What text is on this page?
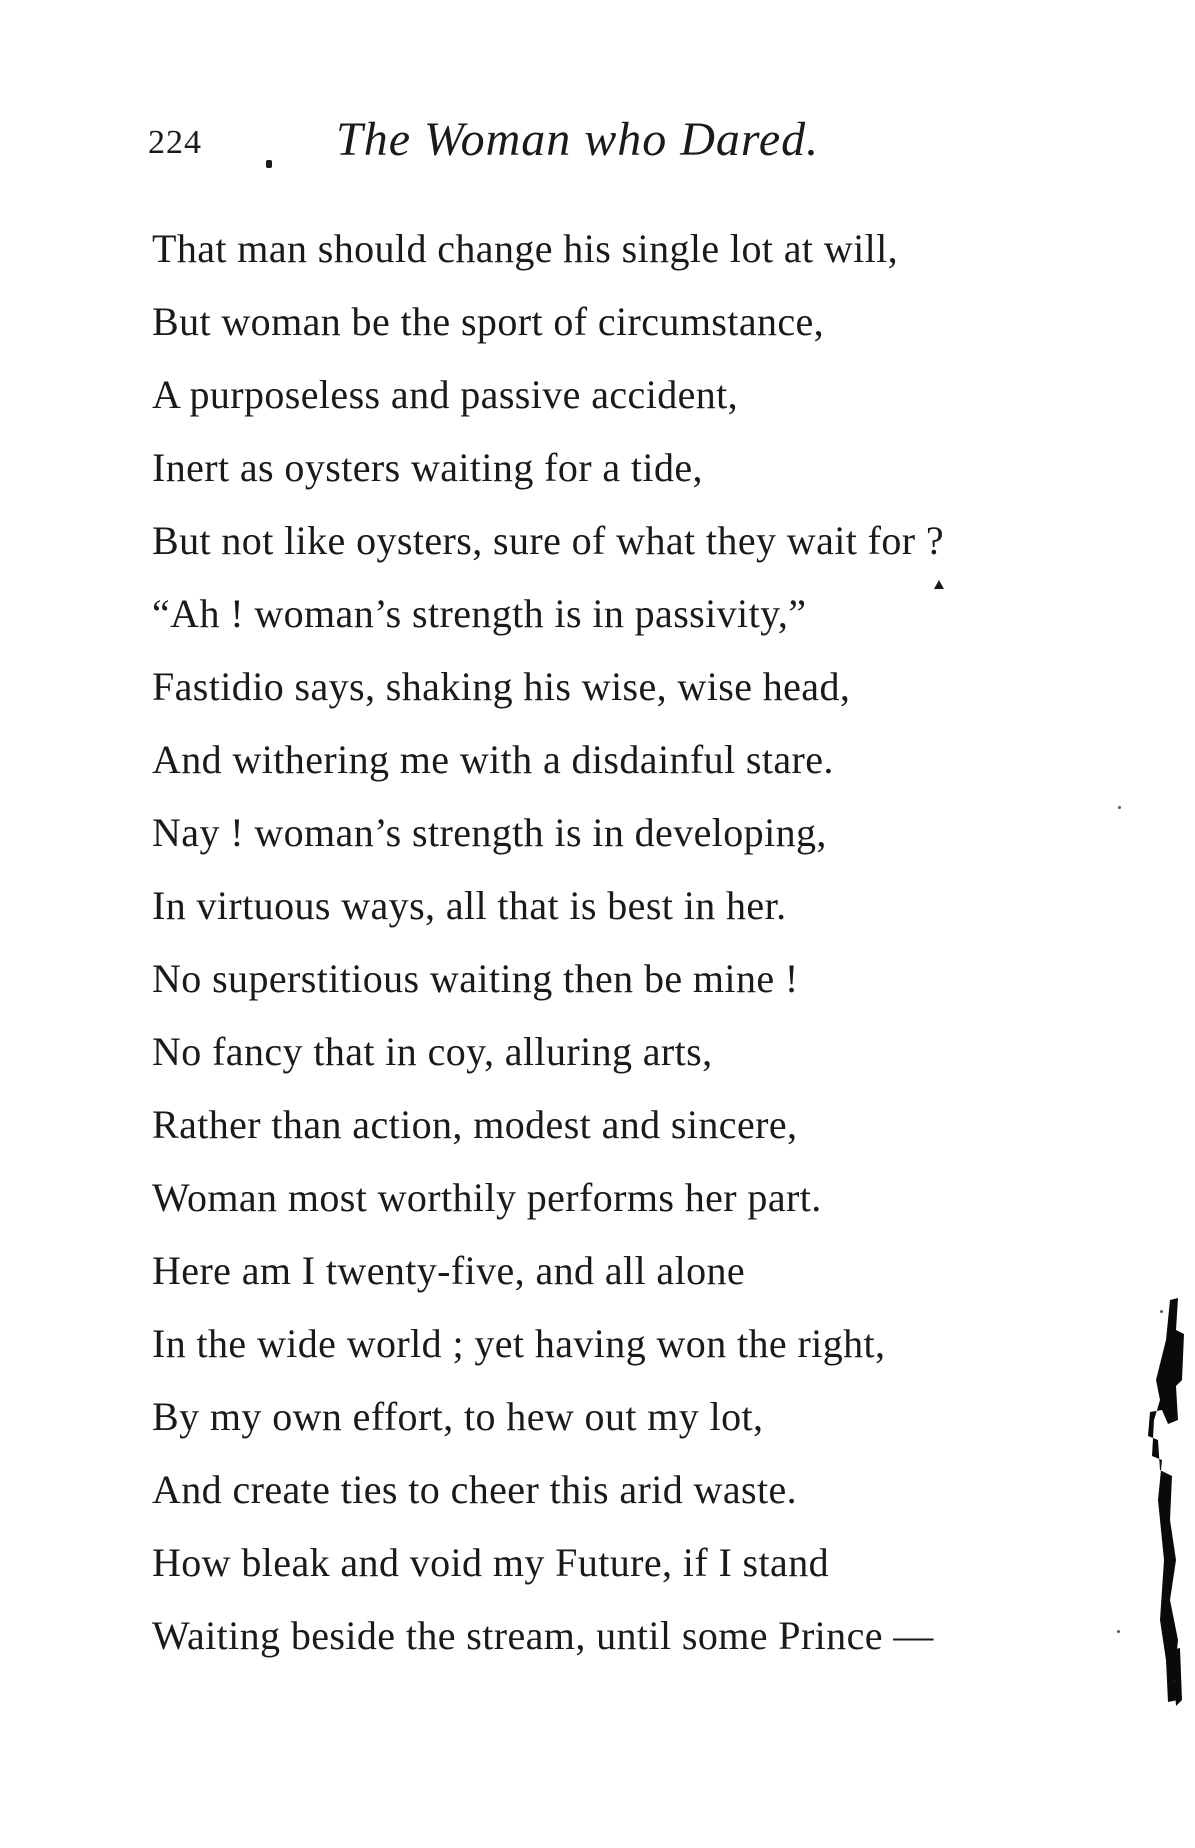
224	The Woman who Dared.
That man should change his single lot at will,
But woman be the sport of circumstance,
A purposeless and passive accident,
Inert as oysters waiting for a tide,
But not like oysters, sure of what they wait for ?
“Ah ! woman’s strength is in passivity,”
Fastidio says, shaking his wise, wise head,
And withering me with a disdainful stare.
Nay ! woman’s strength is in developing,
In virtuous ways, all that is best in her.
No superstitious waiting then be mine !
No fancy that in coy, alluring arts,
Rather than action, modest and sincere,
Woman most worthily performs her part.
Here am I twenty-five, and all alone
In the wide world ; yet having won the right,
By my own effort, to hew out my lot,
And create ties to cheer this arid waste.
How bleak and void my Future, if I stand
Waiting beside the stream, until some Prince —
